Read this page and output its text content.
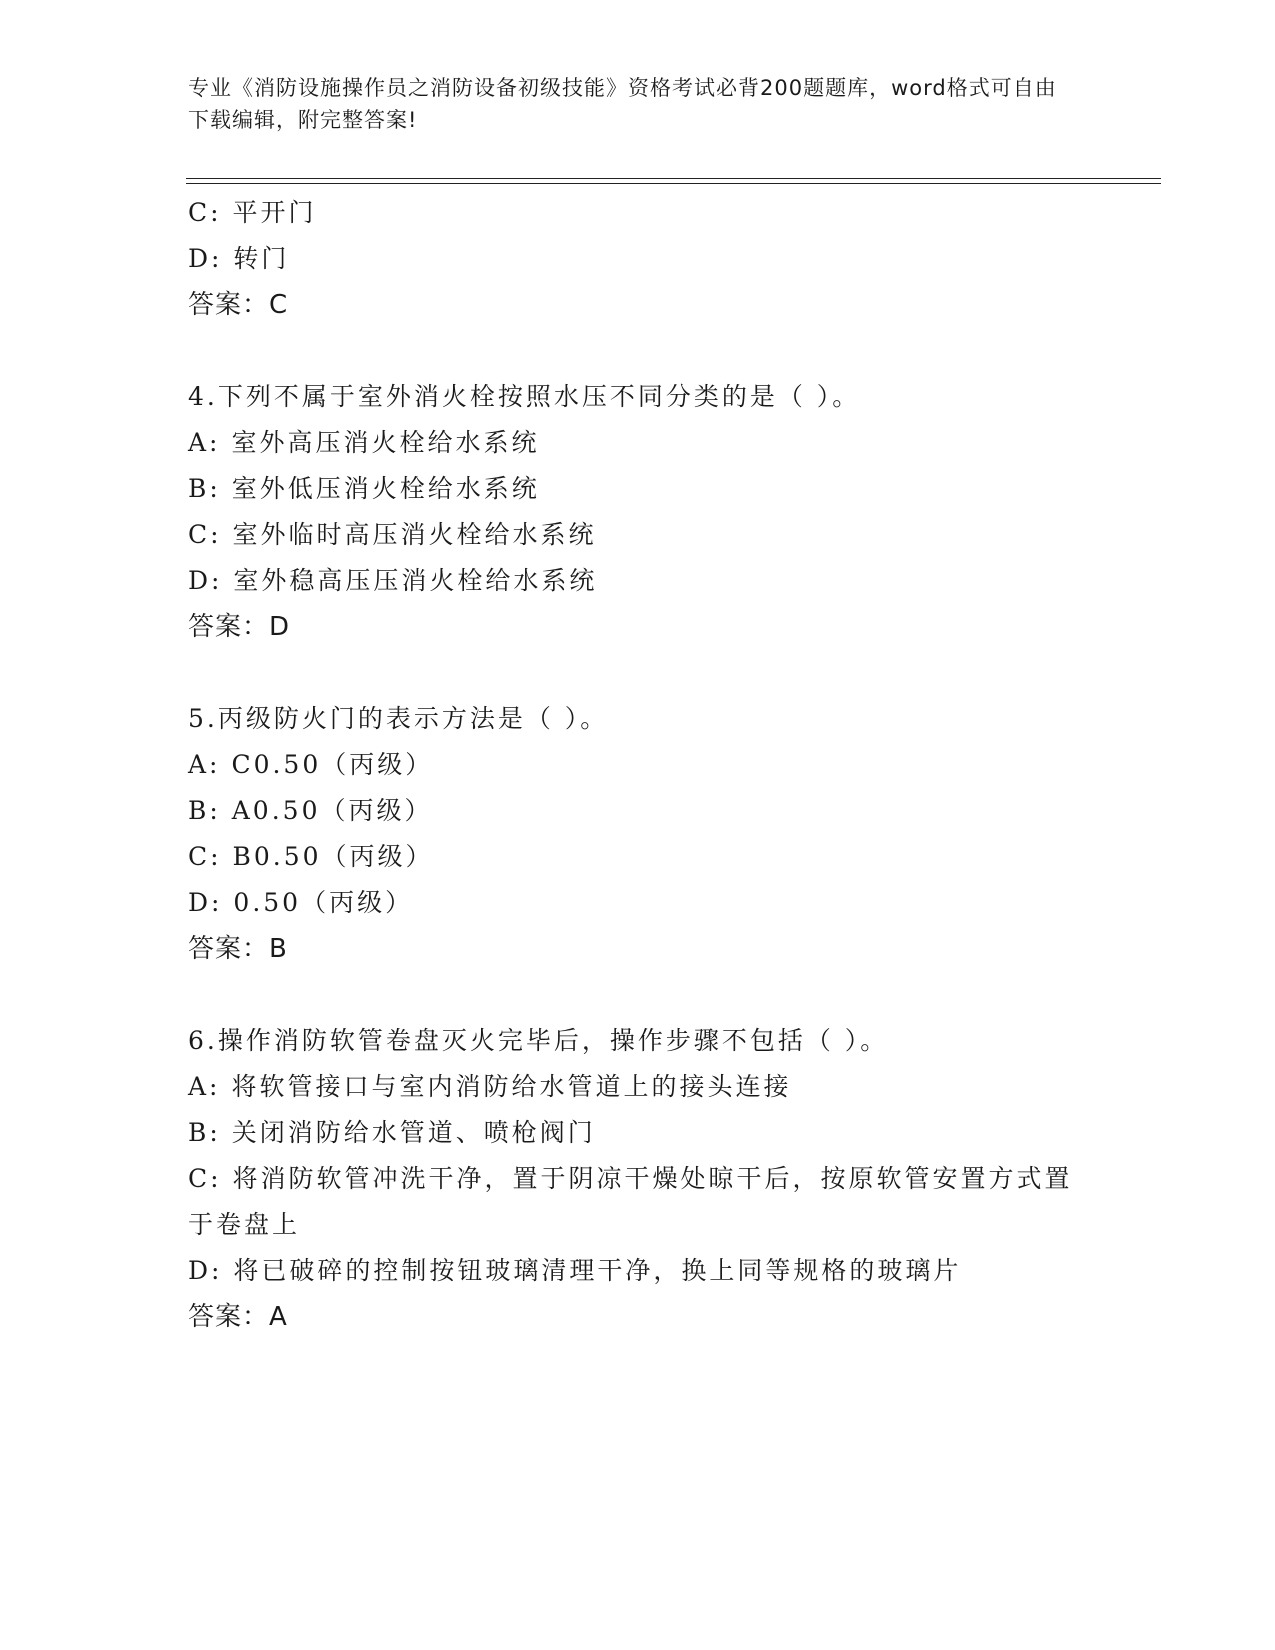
专业《消防设施操作员之消防设备初级技能》资格考试必背200题题库，word格式可自由下载编辑，附完整答案!
C: 平开门
D: 转门
答案：C
4.下列不属于室外消火栓按照水压不同分类的是（ ）。
A: 室外高压消火栓给水系统
B: 室外低压消火栓给水系统
C: 室外临时高压消火栓给水系统
D: 室外稳高压压消火栓给水系统
答案：D
5.丙级防火门的表示方法是（ ）。
A: C0.50（丙级）
B: A0.50（丙级）
C: B0.50（丙级）
D: 0.50（丙级）
答案：B
6.操作消防软管卷盘灭火完毕后，操作步骤不包括（ ）。
A: 将软管接口与室内消防给水管道上的接头连接
B: 关闭消防给水管道、喷枪阀门
C: 将消防软管冲洗干净，置于阴凉干燥处晾干后，按原软管安置方式置于卷盘上
D: 将已破碎的控制按钮玻璃清理干净，换上同等规格的玻璃片
答案：A
